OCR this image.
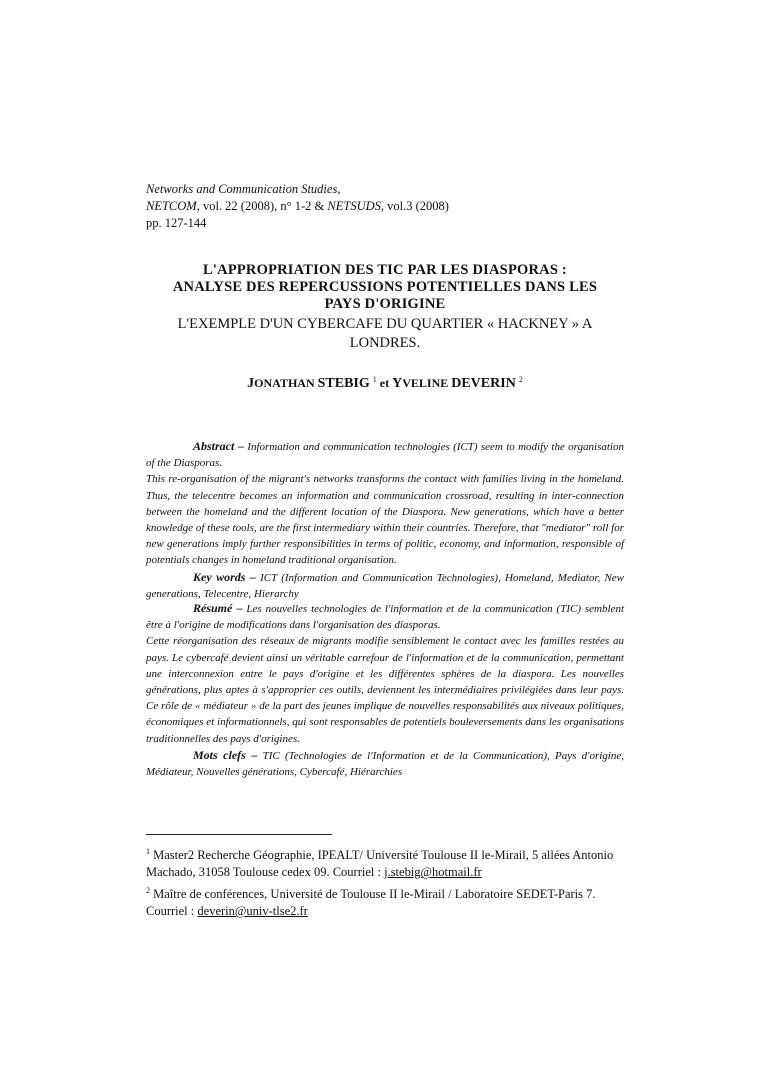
Networks and Communication Studies,
NETCOM, vol. 22 (2008), n° 1-2 & NETSUDS, vol.3 (2008)
pp. 127-144
L'APPROPRIATION DES TIC PAR LES DIASPORAS :
ANALYSE DES REPERCUSSIONS POTENTIELLES DANS LES
PAYS D'ORIGINE
L'EXEMPLE D'UN CYBERCAFE DU QUARTIER « HACKNEY » A
LONDRES.
JONATHAN STEBIG $^1$ et YVELINE DEVERIN $^2$

Abstract – Information and communication technologies (ICT) seem to modify the organisation of the Diasporas.

This re-organisation of the migrant's networks transforms the contact with families living in the homeland. Thus, the telecentre becomes an information and communication crossroad, resulting in inter-connection between the homeland and the different location of the Diaspora. New generations, which have a better knowledge of these tools, are the first intermediary within their countries. Therefore, that "mediator" roll for new generations imply further responsibilities in terms of politic, economy, and information, responsible of potentials changes in homeland traditional organisation.

Key words – ICT (Information and Communication Technologies), Homeland, Mediator, New generations, Telecentre, Hierarchy

Résumé – Les nouvelles technologies de l'information et de la communication (TIC) semblent être à l'origine de modifications dans l'organisation des diasporas.

Cette réorganisation des réseaux de migrants modifie sensiblement le contact avec les familles restées au pays. Le cybercafé devient ainsi un véritable carrefour de l'information et de la communication, permettant une interconnexion entre le pays d'origine et les différentes sphères de la diaspora. Les nouvelles générations, plus aptes à s'approprier ces outils, deviennent les intermédiaires privilégiées dans leur pays. Ce rôle de « médiateur » de la part des jeunes implique de nouvelles responsabilités aux niveaux politiques, économiques et informationnels, qui sont responsables de potentiels bouleversements dans les organisations traditionnelles des pays d'origines.

Mots clefs – TIC (Technologies de l'Information et de la Communication), Pays d'origine, Médiateur, Nouvelles générations, Cybercafé, Hiérarchies

$^1$ Master2 Recherche Géographie, IPEALT/ Université Toulouse II le-Mirail, 5 allées Antonio Machado, 31058 Toulouse cedex 09. Courriel : j.stebig@hotmail.fr

$^2$ Maître de conférences, Université de Toulouse II le-Mirail / Laboratoire SEDET-Paris 7.

Courriel : deverin@univ-tlse2.fr
